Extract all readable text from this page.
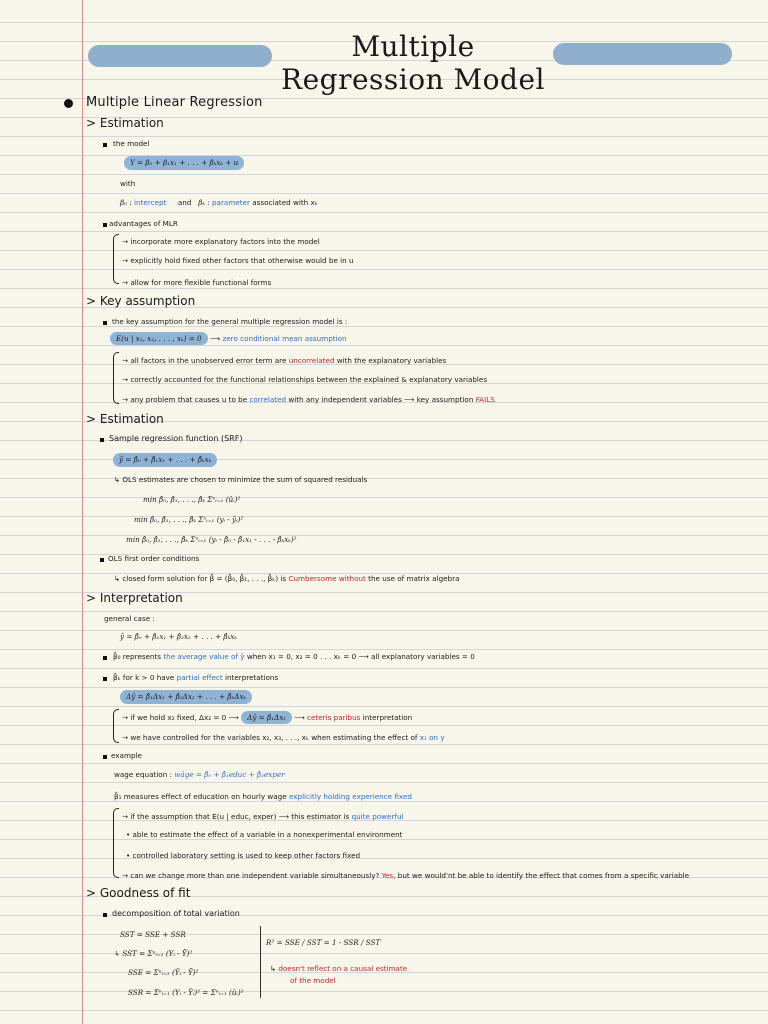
Multiple Regression Model
Multiple Linear Regression
> Estimation
the model
Y = β₀ + β₁x₁ + . . . + βₖxₖ + u
with
β₀ : intercept and βₖ : parameter associated with xₖ
advantages of MLR
→ incorporate more explanatory factors into the model
→ explicitly hold fixed other factors that otherwise would be in u
→ allow for more flexible functional forms
> Key assumption
the key assumption for the general multiple regression model is :
E(u | x₁, x₂, . . . , xₖ) = 0 ⟶ zero conditional mean assumption
→ all factors in the unobserved error term are uncorrelated with the explanatory variables
→ correctly accounted for the functional relationships between the explained & explanatory variables
→ any problem that causes u to be correlated with any independent variables ⟶ key assumption FAILS
> Estimation
Sample regression function (SRF)
ŷ = β̂₀ + β̂₁x₁ + . . . + β̂ₖxₖ
↳ OLS estimates are chosen to minimize the sum of squared residuals
min β̂₀, β̂₁, . . ., β̂ₖ Σⁿᵢ₌₁ (ûᵢ)²
min β̂₀, β̂₁, . . ., β̂ₖ Σⁿᵢ₌₁ (yᵢ - ŷᵢ)²
min β̂₀, β̂₁, . . ., β̂ₖ Σⁿᵢ₌₁ (yᵢ - β̂₀ - β̂₁x₁ - . . . - β̂ₖxₖ)²
OLS first order conditions
↳ closed form solution for β̂ = (β̂₀, β̂₁, . . ., β̂ₖ) is Cumbersome without the use of matrix algebra
> Interpretation
general case :
ŷ = β̂₀ + β̂₁x₁ + β̂₂x₂ + . . . + β̂ₖxₖ
β̂₀ represents the average value of ŷ when x₁ = 0, x₂ = 0 . . . xₖ = 0 ⟶ all explanatory variables = 0
β̂ₖ for k > 0 have partial effect interpretations
Δŷ = β̂₁Δx₁ + β̂₂Δx₂ + . . . + β̂ₖΔxₖ
→ if we hold x₂ fixed, Δx₂ = 0 ⟶ Δŷ = β̂₁Δx₁ ⟶ ceteris paribus interpretation
→ we have controlled for the variables x₂, x₃, . . ., xₖ when estimating the effect of x₁ on y
example
wage equation : wâge = β̂₀ + β̂₁educ + β̂₂exper
β̂₁ measures effect of education on hourly wage explicitly holding experience fixed
→ if the assumption that E(u | educ, exper) ⟶ this estimator is quite powerful
• able to estimate the effect of a variable in a nonexperimental environment
• controlled laboratory setting is used to keep other factors fixed
→ can we change more than one independent variable simultaneously? Yes, but we would'nt be able to identify the effect that comes from a specific variable
> Goodness of fit
decomposition of total variation
SST = SSE + SSR
↳ SST = Σⁿᵢ₌₁ (Yᵢ - Ȳ)²
SSE = Σⁿᵢ₌₁ (Ŷᵢ - Ȳ)²
SSR = Σⁿᵢ₌₁ (Yᵢ - Ŷᵢ)² = Σⁿᵢ₌₁ (ûᵢ)²
R² = SSE / SST = 1 - SSR / SST
↳ doesn't reflect on a causal estimate
of the model
